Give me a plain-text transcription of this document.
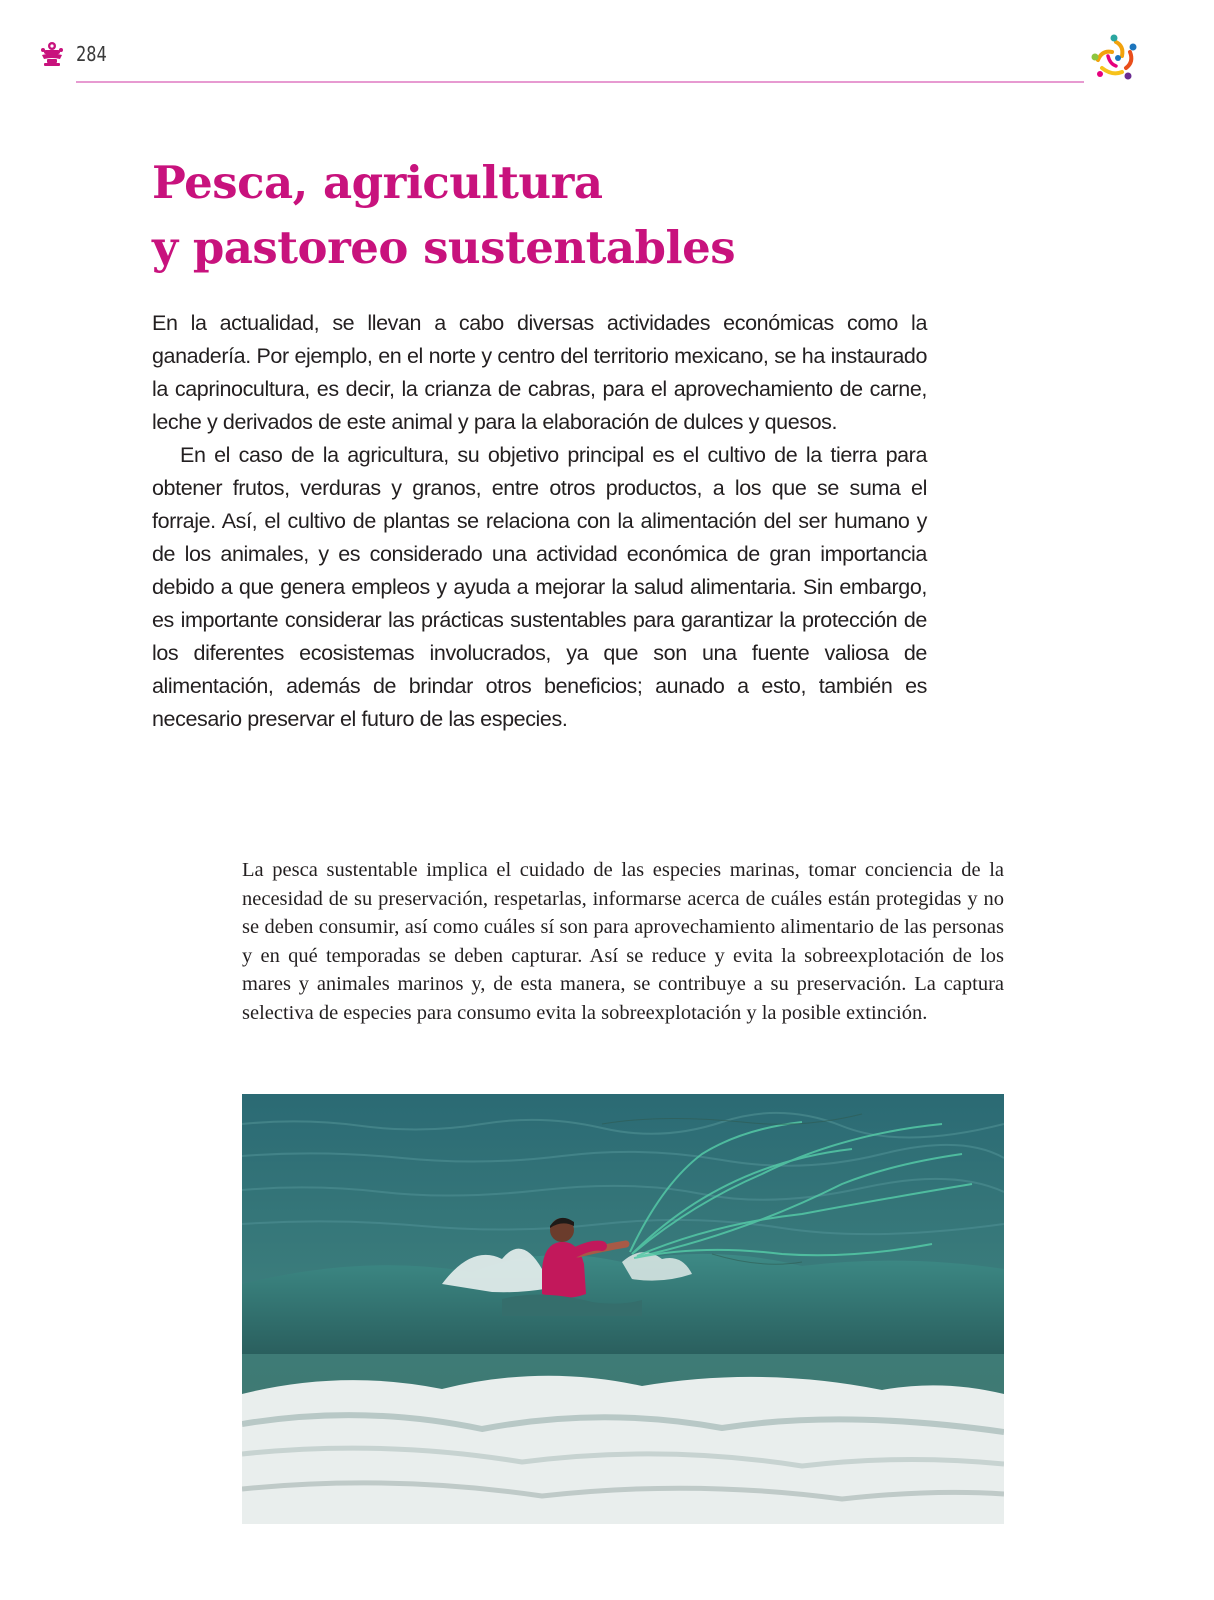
284
Pesca, agricultura
y pastoreo sustentables

En la actualidad, se llevan a cabo diversas actividades económicas como la ganadería. Por ejemplo, en el norte y centro del territorio mexicano, se ha instaurado la caprinocultura, es decir, la crianza de cabras, para el aprovechamiento de carne, leche y derivados de este animal y para la elaboración de dulces y quesos.

En el caso de la agricultura, su objetivo principal es el cultivo de la tierra para obtener frutos, verduras y granos, entre otros productos, a los que se suma el forraje. Así, el cultivo de plantas se relaciona con la alimentación del ser humano y de los animales, y es considerado una actividad económica de gran importancia debido a que genera empleos y ayuda a mejorar la salud alimentaria. Sin embargo, es importante considerar las prácticas sustentables para garantizar la protección de los diferentes ecosistemas involucrados, ya que son una fuente valiosa de alimentación, además de brindar otros beneficios; aunado a esto, también es necesario preservar el futuro de las especies.

La pesca sustentable implica el cuidado de las especies marinas, tomar conciencia de la necesidad de su preservación, respetarlas, informarse acerca de cuáles están protegidas y no se deben consumir, así como cuáles sí son para aprovechamiento alimentario de las personas y en qué temporadas se deben capturar. Así se reduce y evita la sobreexplotación de los mares y animales marinos y, de esta manera, se contribuye a su preservación. La captura selectiva de especies para consumo evita la sobreexplotación y la posible extinción.
